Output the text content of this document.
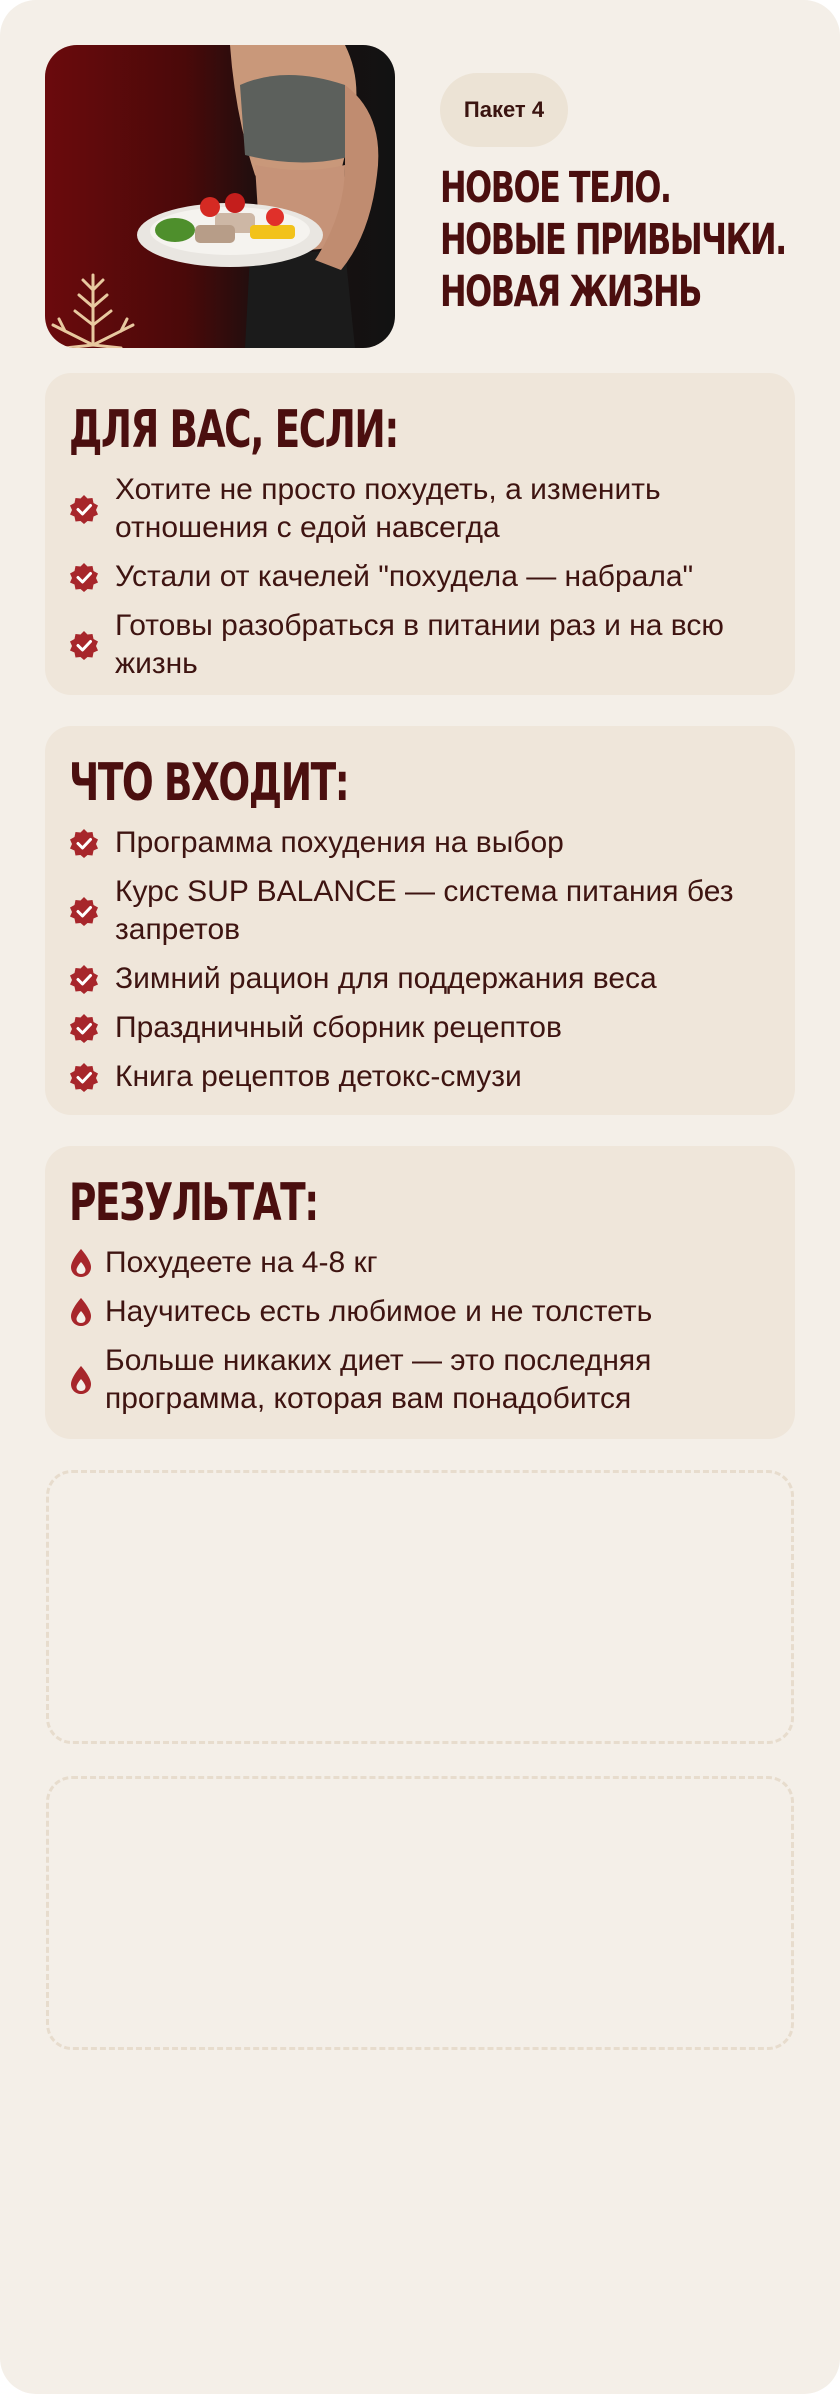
Пакет 4
НОВОЕ ТЕЛО.
НОВЫЕ ПРИВЫЧКИ.
НОВАЯ ЖИЗНЬ
ДЛЯ ВАС, ЕСЛИ:
Хотите не просто похудеть, а изменить отношения с едой навсегда
Устали от качелей "похудела — набрала"
Готовы разобраться в питании раз и на всю жизнь
ЧТО ВХОДИТ:
Программа похудения на выбор
Курс SUP BALANCE — система питания без запретов
Зимний рацион для поддержания веса
Праздничный сборник рецептов
Книга рецептов детокс-смузи
РЕЗУЛЬТАТ:
Похудеете на 4-8 кг
Научитесь есть любимое и не толстеть
Больше никаких диет — это последняя программа, которая вам понадобится
